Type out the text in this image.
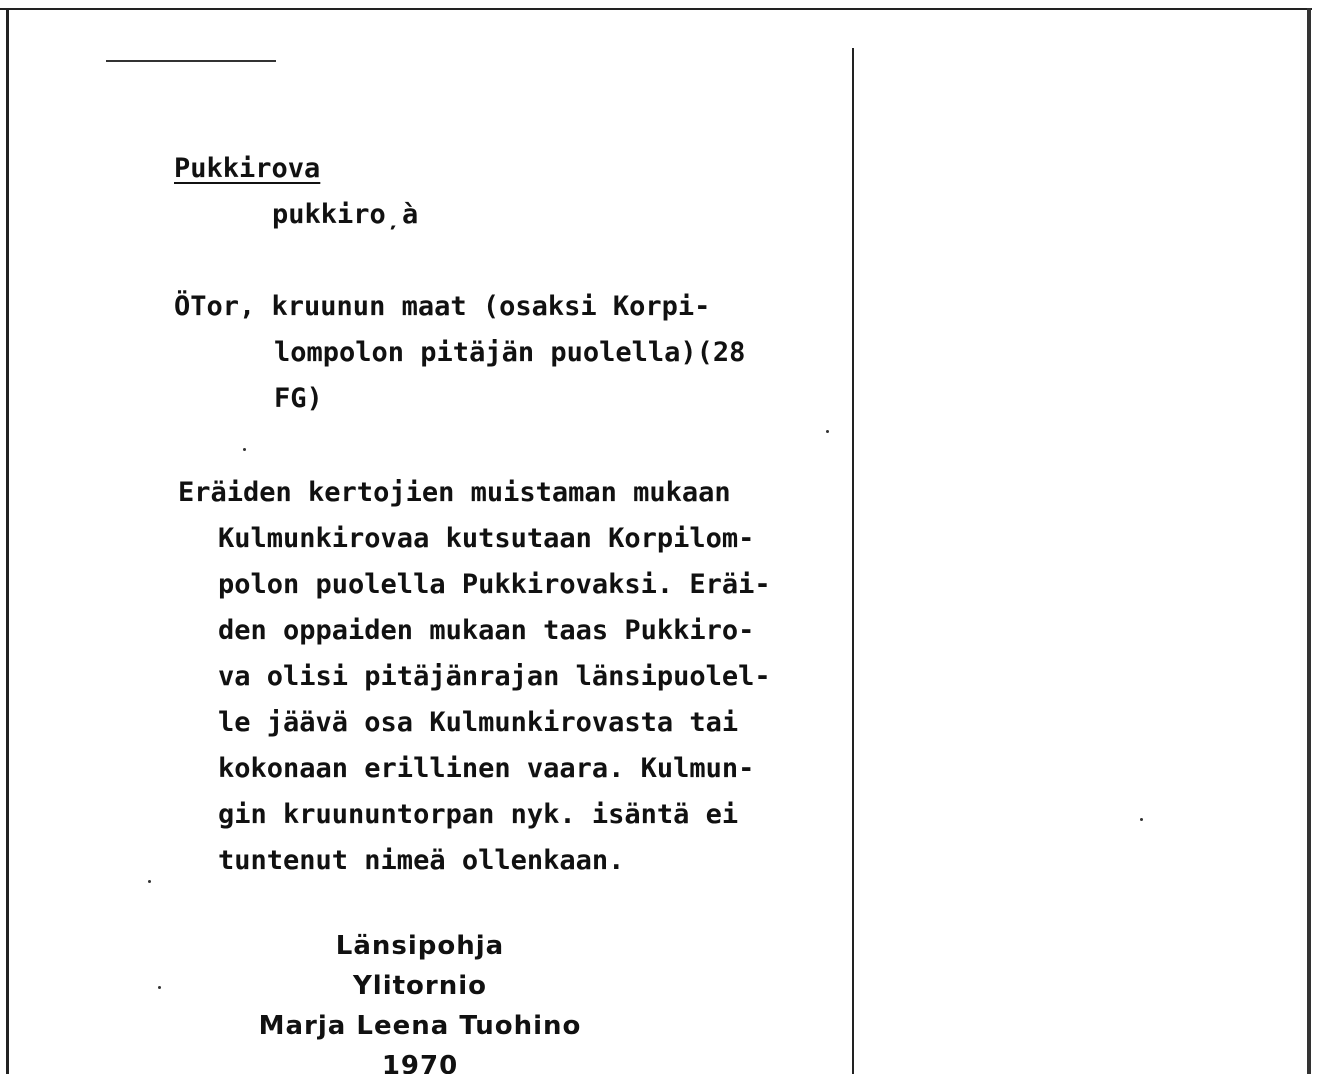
Pukkirova
pukkiro̦à
ÖTor, kruunun maat (osaksi Korpi-
lompolon pitäjän puolella)(28
FG)
Eräiden kertojien muistaman mukaan
Kulmunkirovaa kutsutaan Korpilom-
polon puolella Pukkirovaksi. Eräi-
den oppaiden mukaan taas Pukkiro-
va olisi pitäjänrajan länsipuolel-
le jäävä osa Kulmunkirovasta tai
kokonaan erillinen vaara. Kulmun-
gin kruununtorpan nyk. isäntä ei
tuntenut nimeä ollenkaan.
Länsipohja
Ylitornio
Marja Leena Tuohino
1970
